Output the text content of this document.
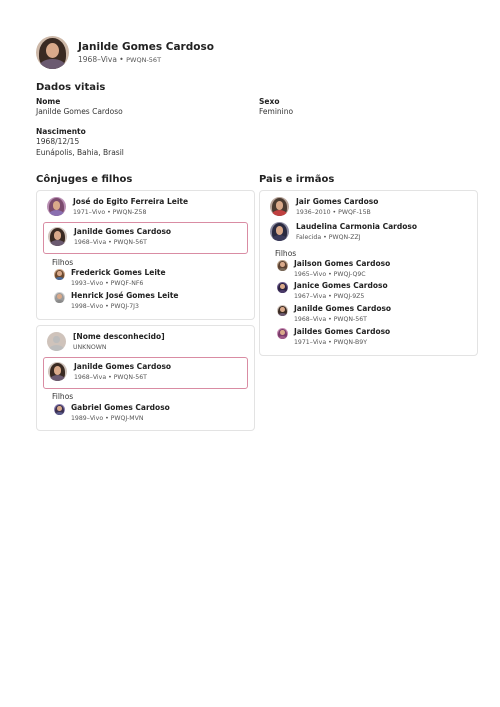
Janilde Gomes Cardoso
1968–Viva • PWQN-56T
Dados vitais
Nome
Janilde Gomes Cardoso
Sexo
Feminino
Nascimento
1968/12/15
Eunápolis, Bahia, Brasil
Cônjuges e filhos
José do Egito Ferreira Leite
1971–Vivo • PWQN-Z58
Janilde Gomes Cardoso
1968–Viva • PWQN-56T
Filhos
Frederick Gomes Leite
1993–Vivo • PWQF-NF6
Henrick José Gomes Leite
1998–Vivo • PWQJ-7J3
[Nome desconhecido]
UNKNOWN
Janilde Gomes Cardoso
1968–Viva • PWQN-56T
Filhos
Gabriel Gomes Cardoso
1989–Vivo • PWQJ-MVN
Pais e irmãos
Jair Gomes Cardoso
1936–2010 • PWQF-15B
Laudelina Carmonia Cardoso
Falecida • PWQN-ZZJ
Filhos
Jailson Gomes Cardoso
1965–Vivo • PWQJ-Q9C
Janice Gomes Cardoso
1967–Viva • PWQJ-9Z5
Janilde Gomes Cardoso
1968–Viva • PWQN-56T
Jaildes Gomes Cardoso
1971–Viva • PWQN-B9Y
